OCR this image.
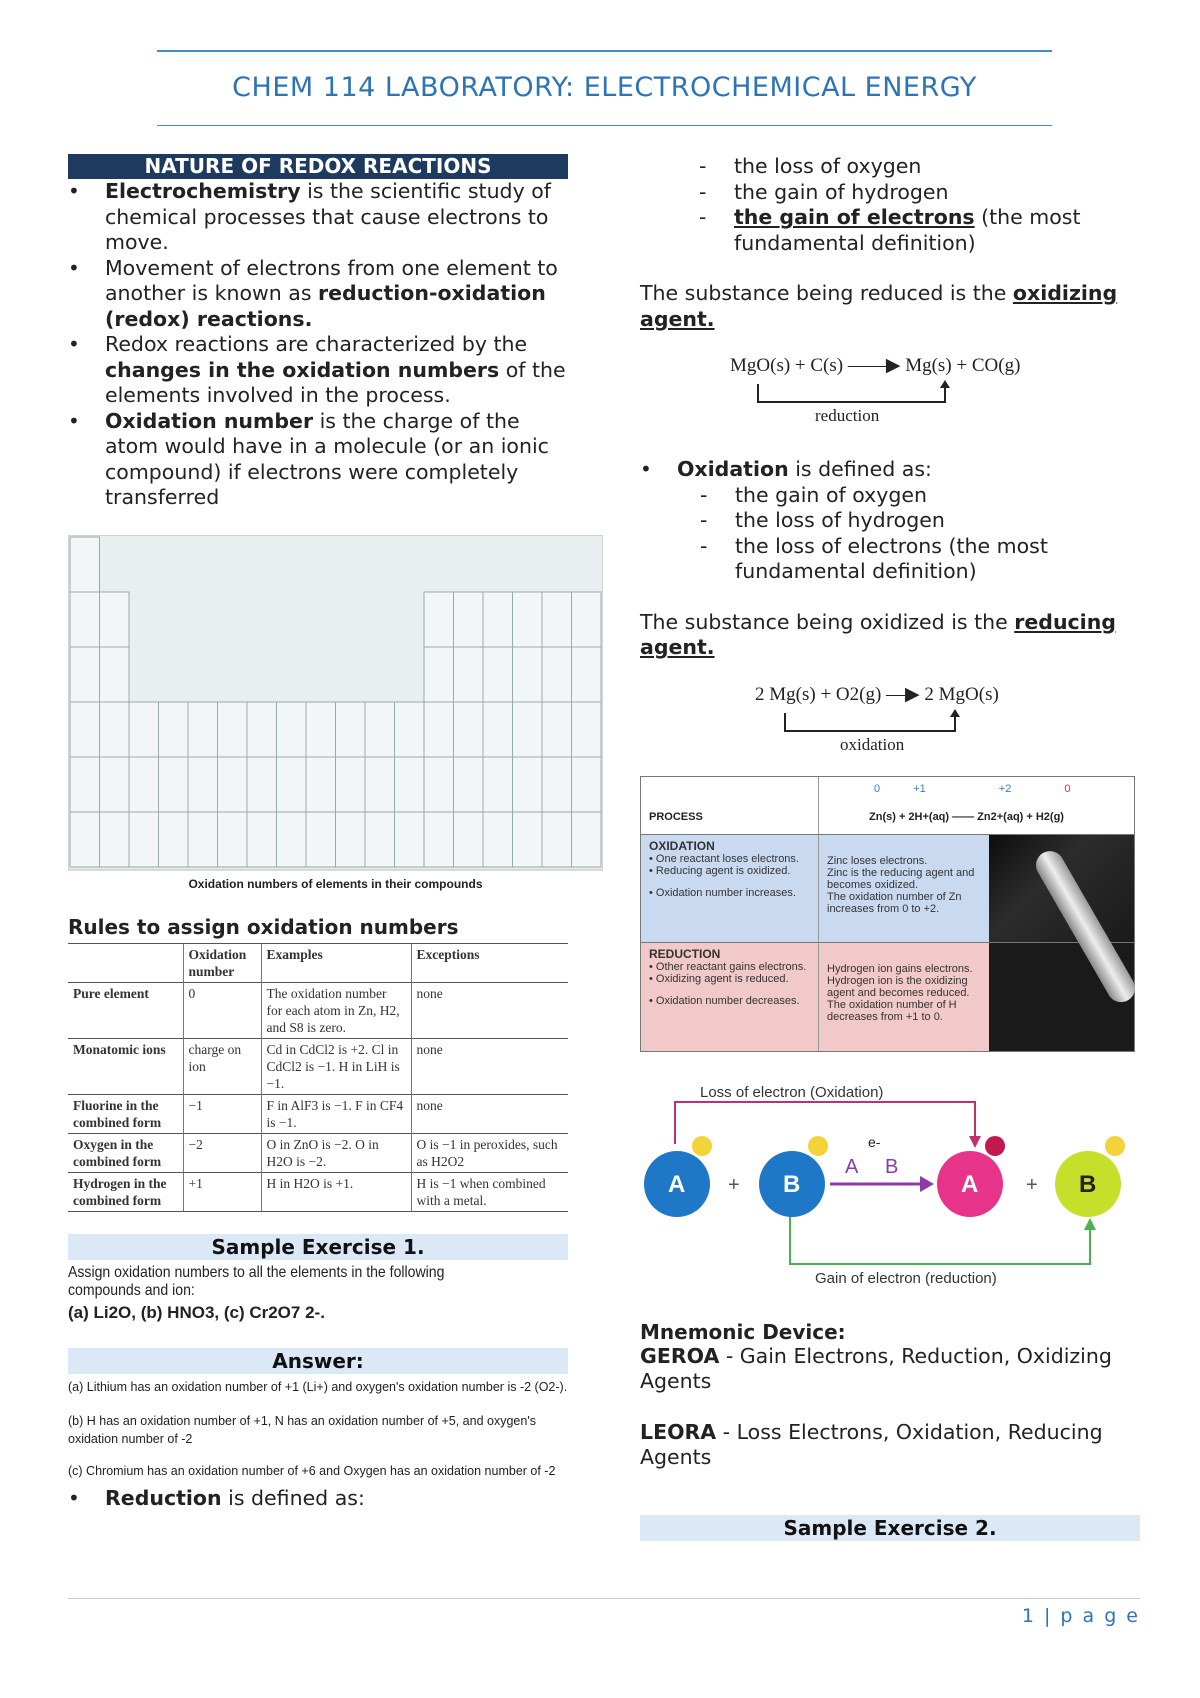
CHEM 114 LABORATORY: ELECTROCHEMICAL ENERGY
NATURE OF REDOX REACTIONS
• Electrochemistry is the scientific study of chemical processes that cause electrons to move.
• Movement of electrons from one element to another is known as reduction-oxidation (redox) reactions.
• Redox reactions are characterized by the changes in the oxidation numbers of the elements involved in the process.
• Oxidation number is the charge of the atom would have in a molecule (or an ionic compound) if electrons were completely transferred
Oxidation numbers of elements in their compounds
Rules to assign oxidation numbers
	Oxidation number	Examples	Exceptions
Pure element	0	The oxidation number for each atom in Zn, H2, and S8 is zero.	none
Monatomic ions	charge on ion	Cd in CdCl2 is +2. Cl in CdCl2 is −1. H in LiH is −1.	none
Fluorine in the combined form	−1	F in AlF3 is −1. F in CF4 is −1.	none
Oxygen in the combined form	−2	O in ZnO is −2. O in H2O is −2.	O is −1 in peroxides, such as H2O2
Hydrogen in the combined form	+1	H in H2O is +1.	H is −1 when combined with a metal.
Sample Exercise 1.
Assign oxidation numbers to all the elements in the following compounds and ion:
(a) Li2O, (b) HNO3, (c) Cr2O7 2-.
Answer:
(a) Lithium has an oxidation number of +1 (Li+) and oxygen's oxidation number is -2 (O2-).
(b) H has an oxidation number of +1, N has an oxidation number of +5, and oxygen's oxidation number of -2
(c) Chromium has an oxidation number of +6 and Oxygen has an oxidation number of -2
• Reduction is defined as:
- the loss of oxygen
- the gain of hydrogen
- the gain of electrons (the most fundamental definition)

The substance being reduced is the oxidizing agent.

MgO(s) + C(s) ——▶ Mg(s) + CO(g)
reduction
• Oxidation is defined as:
- the gain of oxygen
- the loss of hydrogen
- the loss of electrons (the most fundamental definition)

The substance being oxidized is the reducing agent.

2 Mg(s) + O2(g) —▶ 2 MgO(s)
oxidation
PROCESS
0	+1	+2	0
Zn(s) + 2H+(aq) —— Zn2+(aq) + H2(g)
OXIDATION
• One reactant loses electrons.
• Reducing agent is oxidized.
• Oxidation number increases.
Zinc loses electrons.
Zinc is the reducing agent and becomes oxidized.
The oxidation number of Zn increases from 0 to +2.
REDUCTION
• Other reactant gains electrons.
• Oxidizing agent is reduced.
• Oxidation number decreases.
Hydrogen ion gains electrons.
Hydrogen ion is the oxidizing agent and becomes reduced.
The oxidation number of H decreases from +1 to 0.
Loss of electron (Oxidation)
Gain of electron (reduction)
e-
A + B
A B
A + B
Mnemonic Device:

GEROA - Gain Electrons, Reduction, Oxidizing Agents

LEORA - Loss Electrons, Oxidation, Reducing Agents

Sample Exercise 2.
1 | p a g e
